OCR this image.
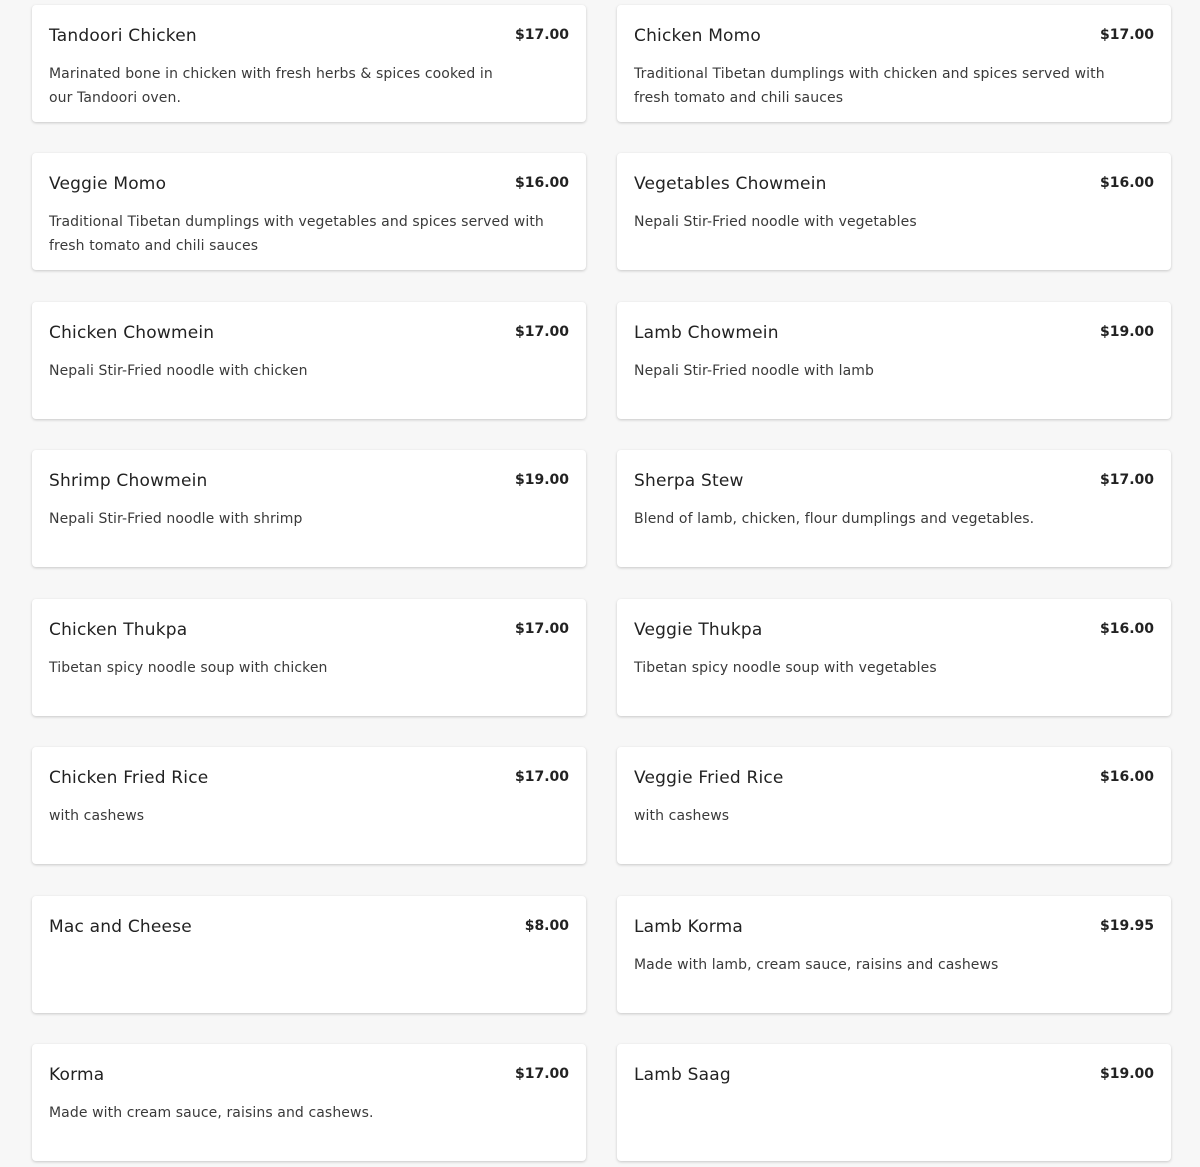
Tandoori Chicken	$17.00
Marinated bone in chicken with fresh herbs & spices cooked in our Tandoori oven.
Chicken Momo	$17.00
Traditional Tibetan dumplings with chicken and spices served with fresh tomato and chili sauces
Veggie Momo	$16.00
Traditional Tibetan dumplings with vegetables and spices served with fresh tomato and chili sauces
Vegetables Chowmein	$16.00
Nepali Stir-Fried noodle with vegetables
Chicken Chowmein	$17.00
Nepali Stir-Fried noodle with chicken
Lamb Chowmein	$19.00
Nepali Stir-Fried noodle with lamb
Shrimp Chowmein	$19.00
Nepali Stir-Fried noodle with shrimp
Sherpa Stew	$17.00
Blend of lamb, chicken, flour dumplings and vegetables.
Chicken Thukpa	$17.00
Tibetan spicy noodle soup with chicken
Veggie Thukpa	$16.00
Tibetan spicy noodle soup with vegetables
Chicken Fried Rice	$17.00
with cashews
Veggie Fried Rice	$16.00
with cashews
Mac and Cheese	$8.00	Lamb Korma	$19.95
Made with lamb, cream sauce, raisins and cashews
Korma	$17.00
Made with cream sauce, raisins and cashews.
Lamb Saag	$19.00
